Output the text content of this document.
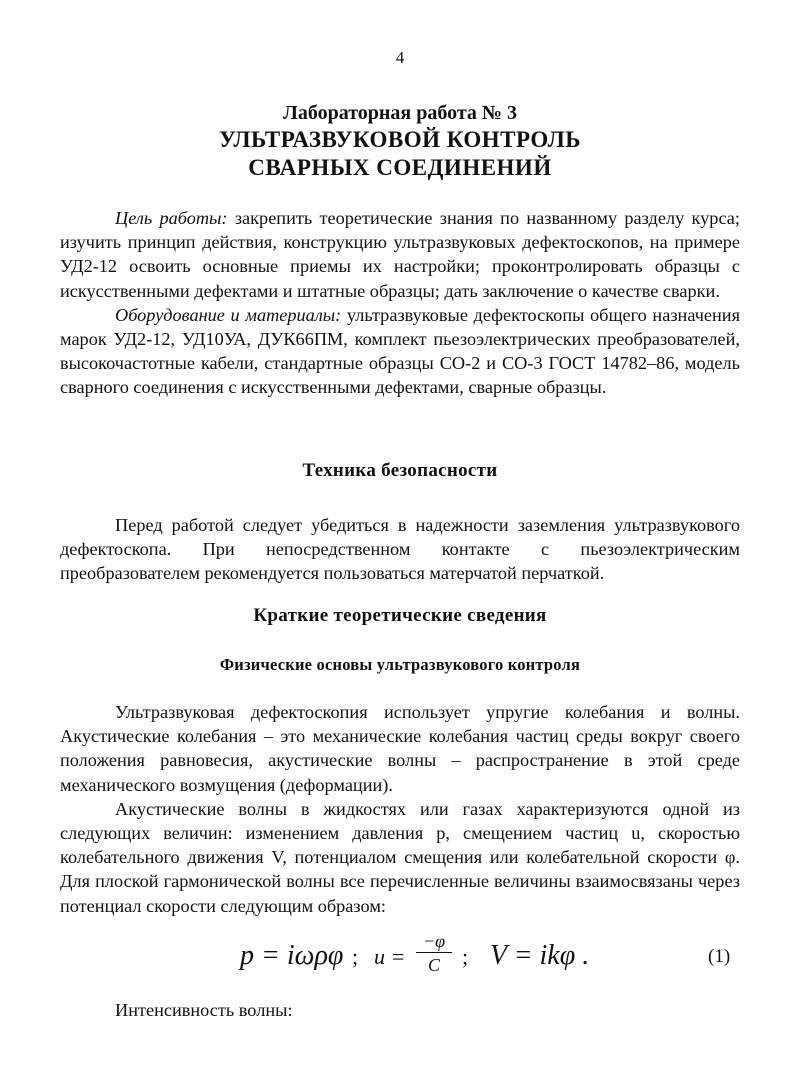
4
Лабораторная работа № 3
УЛЬТРАЗВУКОВОЙ КОНТРОЛЬ
СВАРНЫХ СОЕДИНЕНИЙ

Цель работы: закрепить теоретические знания по названному разделу курса; изучить принцип действия, конструкцию ультразвуковых дефектоскопов, на примере УД2-12 освоить основные приемы их настройки; проконтролировать образцы с искусственными дефектами и штатные образцы; дать заключение о качестве сварки.

Оборудование и материалы: ультразвуковые дефектоскопы общего назначения марок УД2-12, УД10УА, ДУК66ПМ, комплект пьезоэлектрических преобразователей, высокочастотные кабели, стандартные образцы СО-2 и СО-3 ГОСТ 14782–86, модель сварного соединения с искусственными дефектами, сварные образцы.

Техника безопасности

Перед работой следует убедиться в надежности заземления ультразвукового дефектоскопа. При непосредственном контакте с пьезоэлектрическим преобразователем рекомендуется пользоваться матерчатой перчаткой.

Краткие теоретические сведения
Физические основы ультразвукового контроля

Ультразвуковая дефектоскопия использует упругие колебания и волны. Акустические колебания – это механические колебания частиц среды вокруг своего положения равновесия, акустические волны – распространение в этой среде механического возмущения (деформации).

Акустические волны в жидкостях или газах характеризуются одной из следующих величин: изменением давления p, смещением частиц u, скоростью колебательного движения V, потенциалом смещения или колебательной скорости φ. Для плоской гармонической волны все перечисленные величины взаимосвязаны через потенциал скорости следующим образом:

p = iωρφ ; $u = \frac{-\varphi}{C}$ ; V = ikφ .	(1)
Интенсивность волны:
